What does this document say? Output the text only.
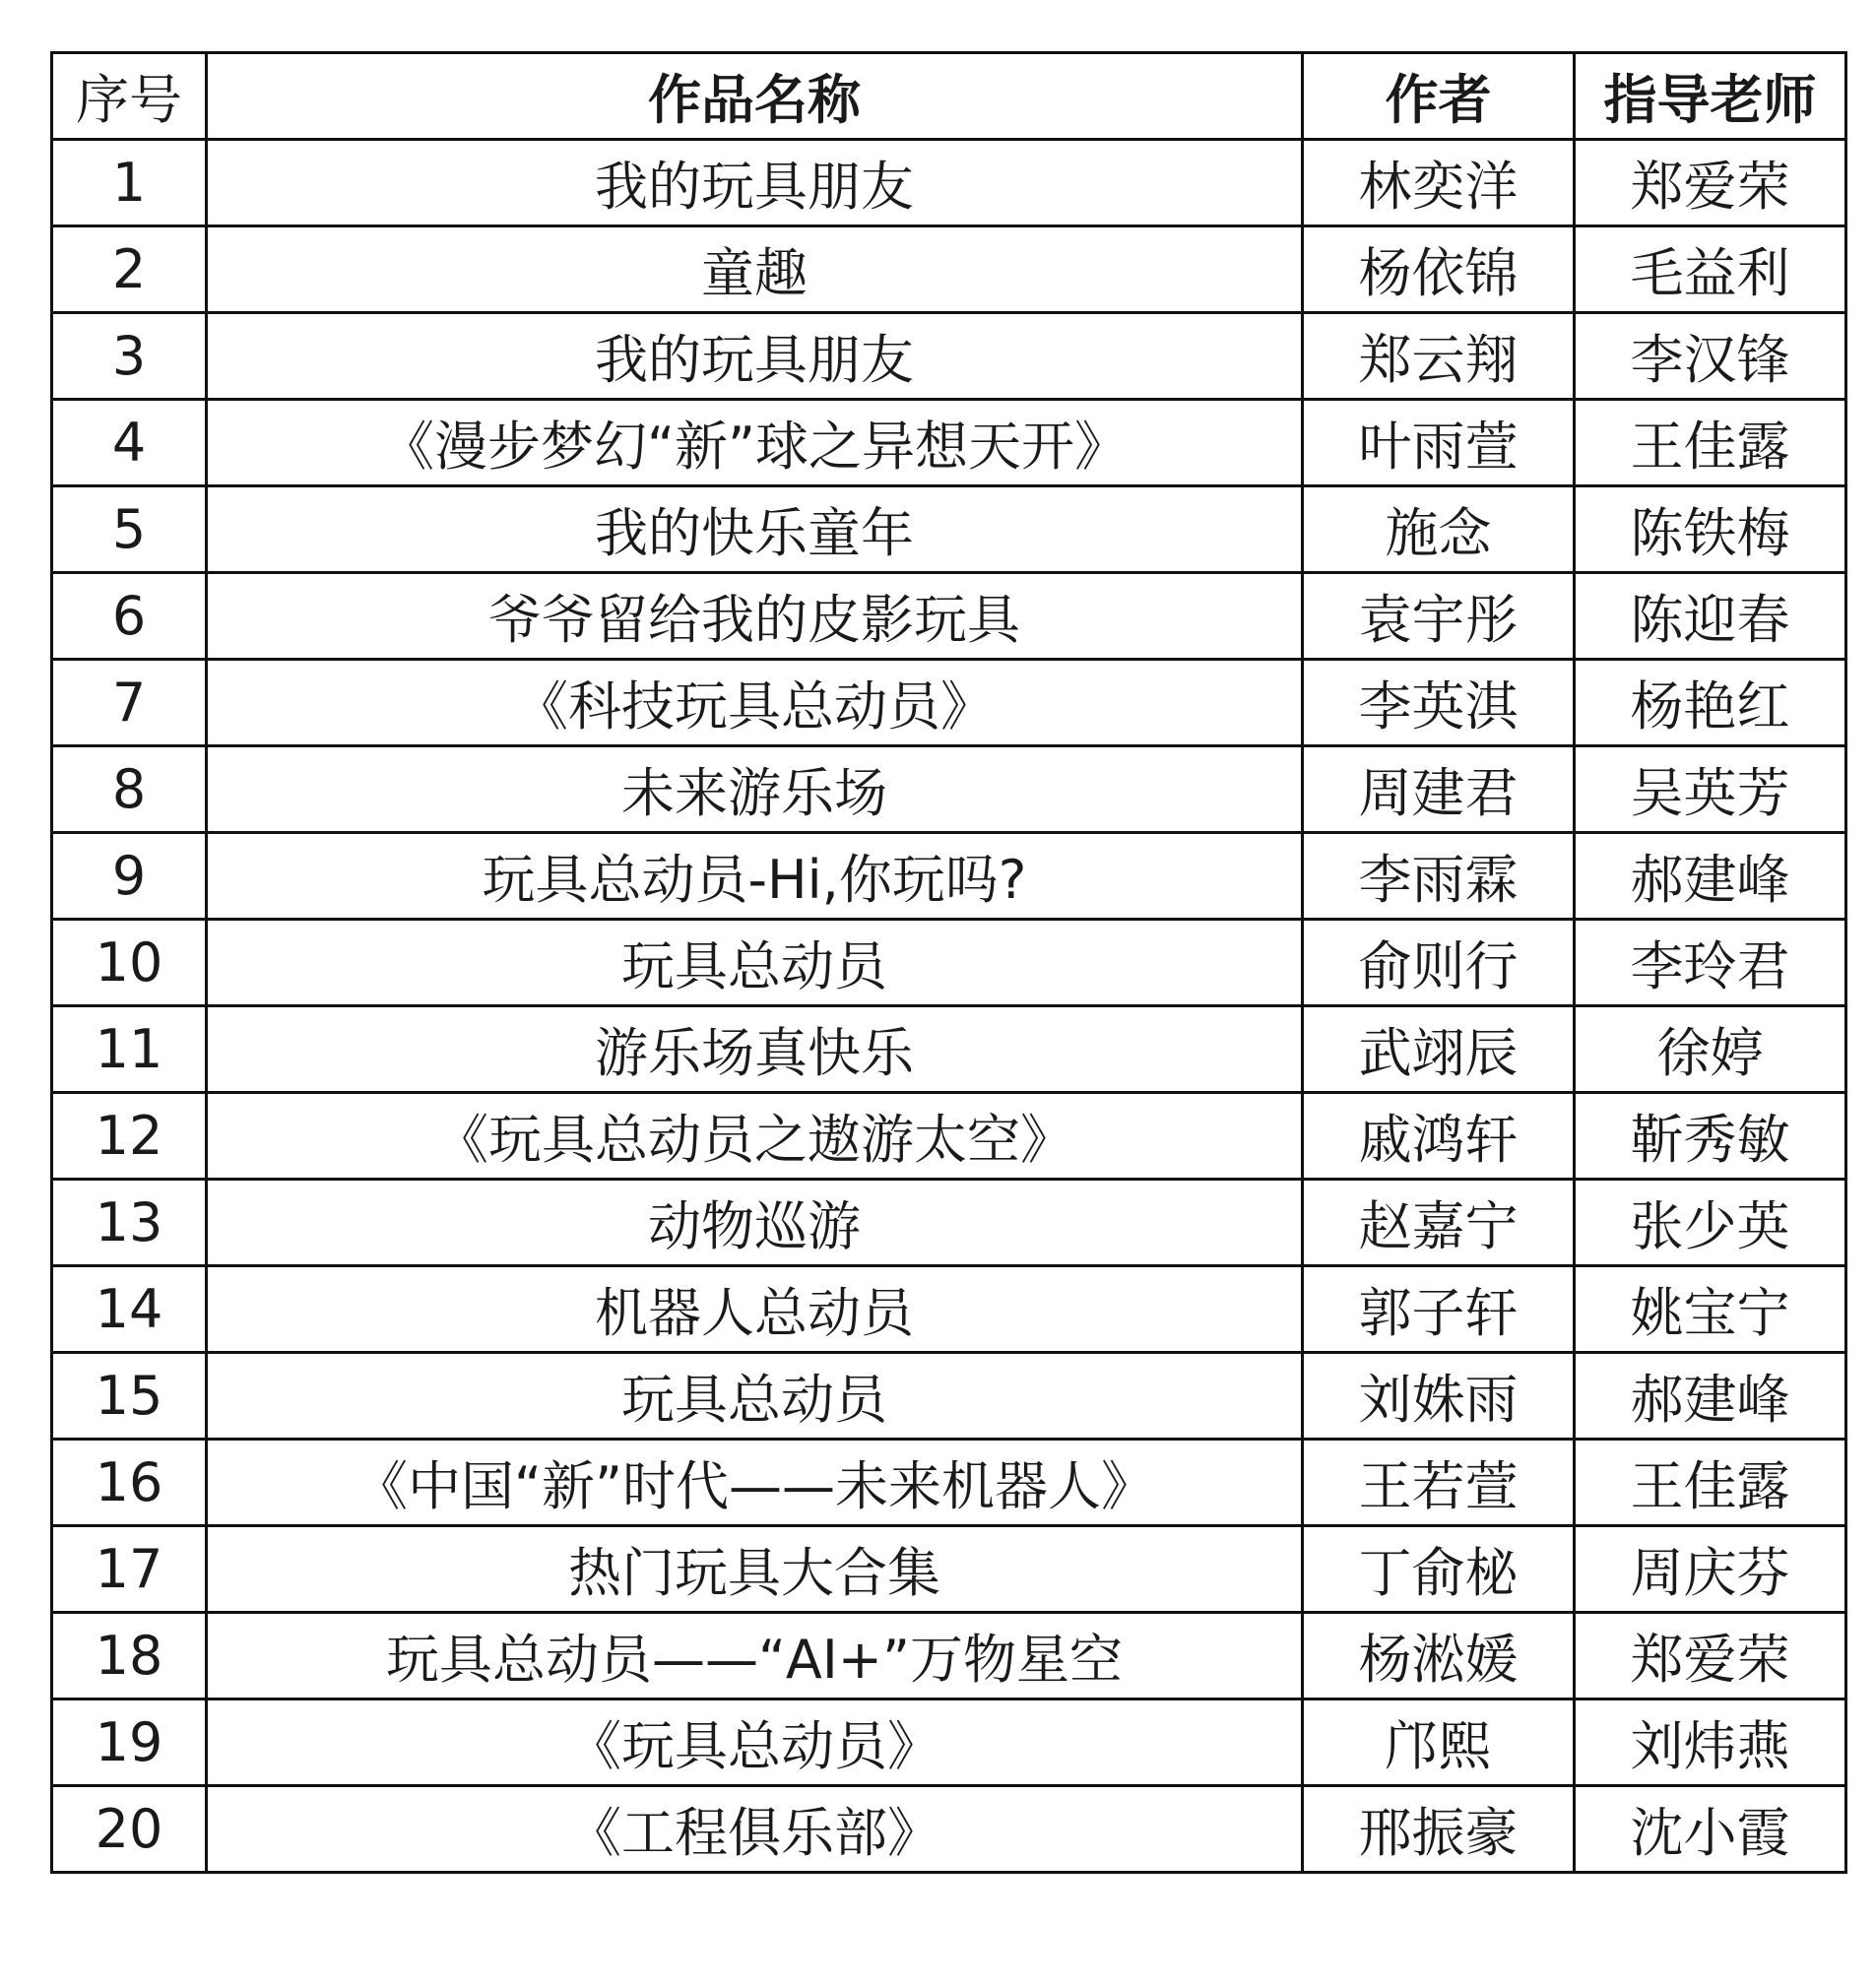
序号	作品名称	作者	指导老师
1	我的玩具朋友	林奕洋	郑爱荣
2	童趣	杨依锦	毛益利
3	我的玩具朋友	郑云翔	李汉锋
4	《漫步梦幻“新”球之异想天开》	叶雨萱	王佳露
5	我的快乐童年	施念	陈铁梅
6	爷爷留给我的皮影玩具	袁宇彤	陈迎春
7	《科技玩具总动员》	李英淇	杨艳红
8	未来游乐场	周建君	吴英芳
9	玩具总动员-Hi,你玩吗?	李雨霖	郝建峰
10	玩具总动员	俞则行	李玲君
11	游乐场真快乐	武翊辰	徐婷
12	《玩具总动员之遨游太空》	戚鸿轩	靳秀敏
13	动物巡游	赵嘉宁	张少英
14	机器人总动员	郭子轩	姚宝宁
15	玩具总动员	刘姝雨	郝建峰
16	《中国“新”时代——未来机器人》	王若萱	王佳露
17	热门玩具大合集	丁俞柲	周庆芬
18	玩具总动员——“AI+”万物星空	杨淞媛	郑爱荣
19	《玩具总动员》	邝熙	刘炜燕
20	《工程俱乐部》	邢振豪	沈小霞
